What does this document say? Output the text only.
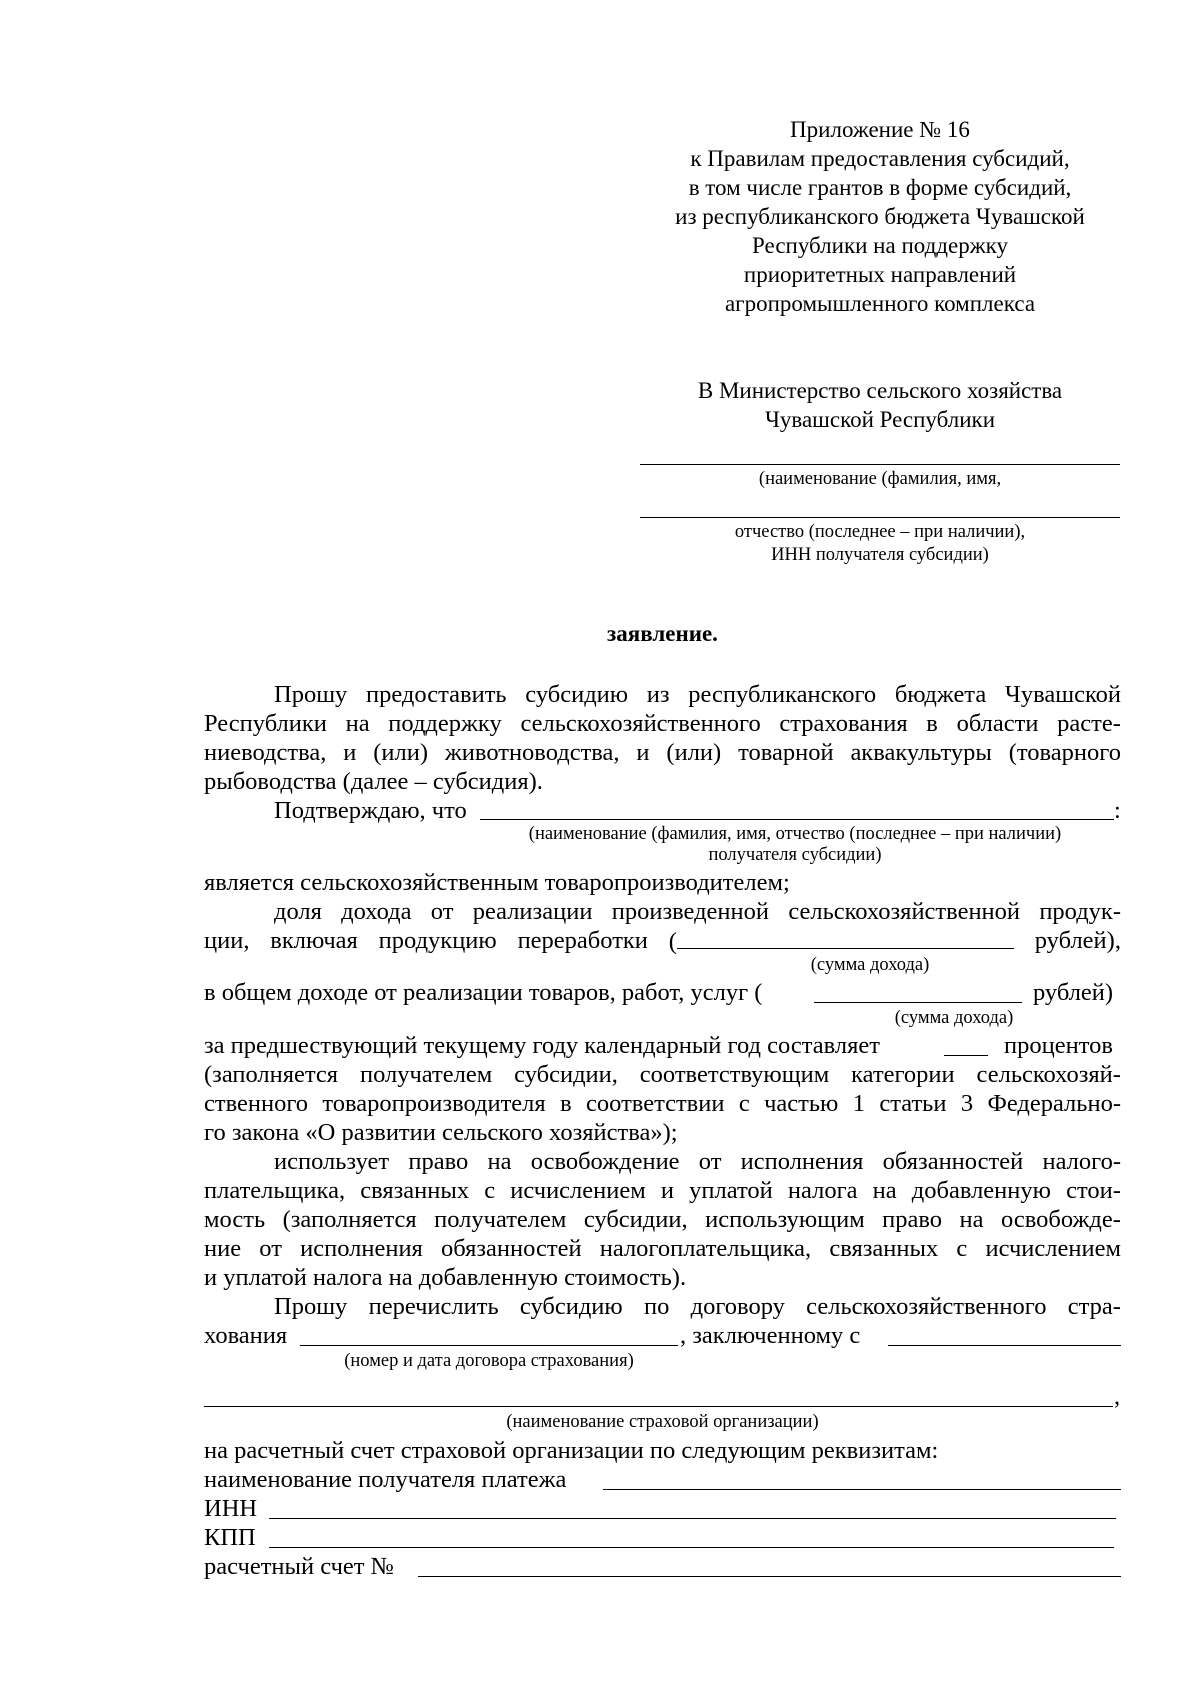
Приложение № 16
к Правилам предоставления субсидий,
в том числе грантов в форме субсидий,
из республиканского бюджета Чувашской
Республики на поддержку
приоритетных направлений
агропромышленного комплекса
В Министерство сельского хозяйства
Чувашской Республики
(наименование (фамилия, имя,
отчество (последнее – при наличии),
ИНН получателя субсидии)
заявление.
Прошу предоставить субсидию из республиканского бюджета Чувашской
Республики на поддержку сельскохозяйственного страхования в области расте-
ниеводства, и (или) животноводства, и (или) товарной аквакультуры (товарного
рыбоводства (далее – субсидия).
Подтверждаю, что	:
(наименование (фамилия, имя, отчество (последнее – при наличии)
получателя субсидии)
является сельскохозяйственным товаропроизводителем;
доля дохода от реализации произведенной сельскохозяйственной продук-
ции, включая продукцию переработки (	рублей),
(сумма дохода)
в общем доходе от реализации товаров, работ, услуг (	рублей)
(сумма дохода)
за предшествующий текущему году календарный год составляет	процентов
(заполняется получателем субсидии, соответствующим категории сельскохозяй-
ственного товаропроизводителя в соответствии с частью 1 статьи 3 Федерально-
го закона «О развитии сельского хозяйства»);
использует право на освобождение от исполнения обязанностей налого-
плательщика, связанных с исчислением и уплатой налога на добавленную стои-
мость (заполняется получателем субсидии, использующим право на освобожде-
ние от исполнения обязанностей налогоплательщика, связанных с исчислением
и уплатой налога на добавленную стоимость).
Прошу перечислить субсидию по договору сельскохозяйственного стра-
хования	, заключенному с
(номер и дата договора страхования)
,
(наименование страховой организации)
на расчетный счет страховой организации по следующим реквизитам:
наименование получателя платежа
ИНН
КПП
расчетный счет №
